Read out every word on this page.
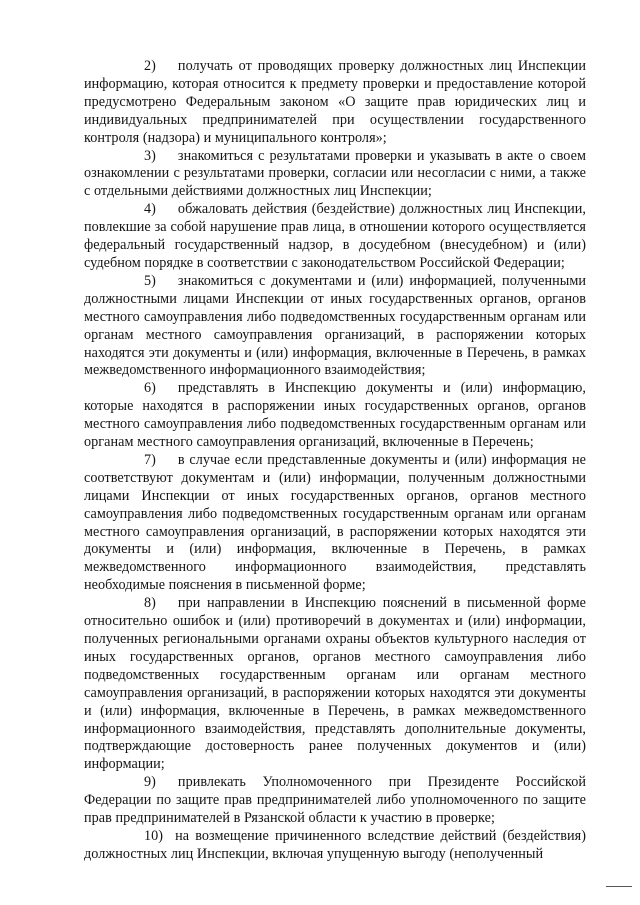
2) получать от проводящих проверку должностных лиц Инспекции информацию, которая относится к предмету проверки и предоставление которой предусмотрено Федеральным законом «О защите прав юридических лиц и индивидуальных предпринимателей при осуществлении государственного контроля (надзора) и муниципального контроля»;

3) знакомиться с результатами проверки и указывать в акте о своем ознакомлении с результатами проверки, согласии или несогласии с ними, а также с отдельными действиями должностных лиц Инспекции;

4) обжаловать действия (бездействие) должностных лиц Инспекции, повлекшие за собой нарушение прав лица, в отношении которого осуществляется федеральный государственный надзор, в досудебном (внесудебном) и (или) судебном порядке в соответствии с законодательством Российской Федерации;

5) знакомиться с документами и (или) информацией, полученными должностными лицами Инспекции от иных государственных органов, органов местного самоуправления либо подведомственных государственным органам или органам местного самоуправления организаций, в распоряжении которых находятся эти документы и (или) информация, включенные в Перечень, в рамках межведомственного информационного взаимодействия;

6) представлять в Инспекцию документы и (или) информацию, которые находятся в распоряжении иных государственных органов, органов местного самоуправления либо подведомственных государственным органам или органам местного самоуправления организаций, включенные в Перечень;

7) в случае если представленные документы и (или) информация не соответствуют документам и (или) информации, полученным должностными лицами Инспекции от иных государственных органов, органов местного самоуправления либо подведомственных государственным органам или органам местного самоуправления организаций, в распоряжении которых находятся эти документы и (или) информация, включенные в Перечень, в рамках межведомственного информационного взаимодействия, представлять необходимые пояснения в письменной форме;

8) при направлении в Инспекцию пояснений в письменной форме относительно ошибок и (или) противоречий в документах и (или) информации, полученных региональными органами охраны объектов культурного наследия от иных государственных органов, органов местного самоуправления либо подведомственных государственным органам или органам местного самоуправления организаций, в распоряжении которых находятся эти документы и (или) информация, включенные в Перечень, в рамках межведомственного информационного взаимодействия, представлять дополнительные документы, подтверждающие достоверность ранее полученных документов и (или) информации;

9) привлекать Уполномоченного при Президенте Российской Федерации по защите прав предпринимателей либо уполномоченного по защите прав предпринимателей в Рязанской области к участию в проверке;

10) на возмещение причиненного вследствие действий (бездействия) должностных лиц Инспекции, включая упущенную выгоду (неполученный
